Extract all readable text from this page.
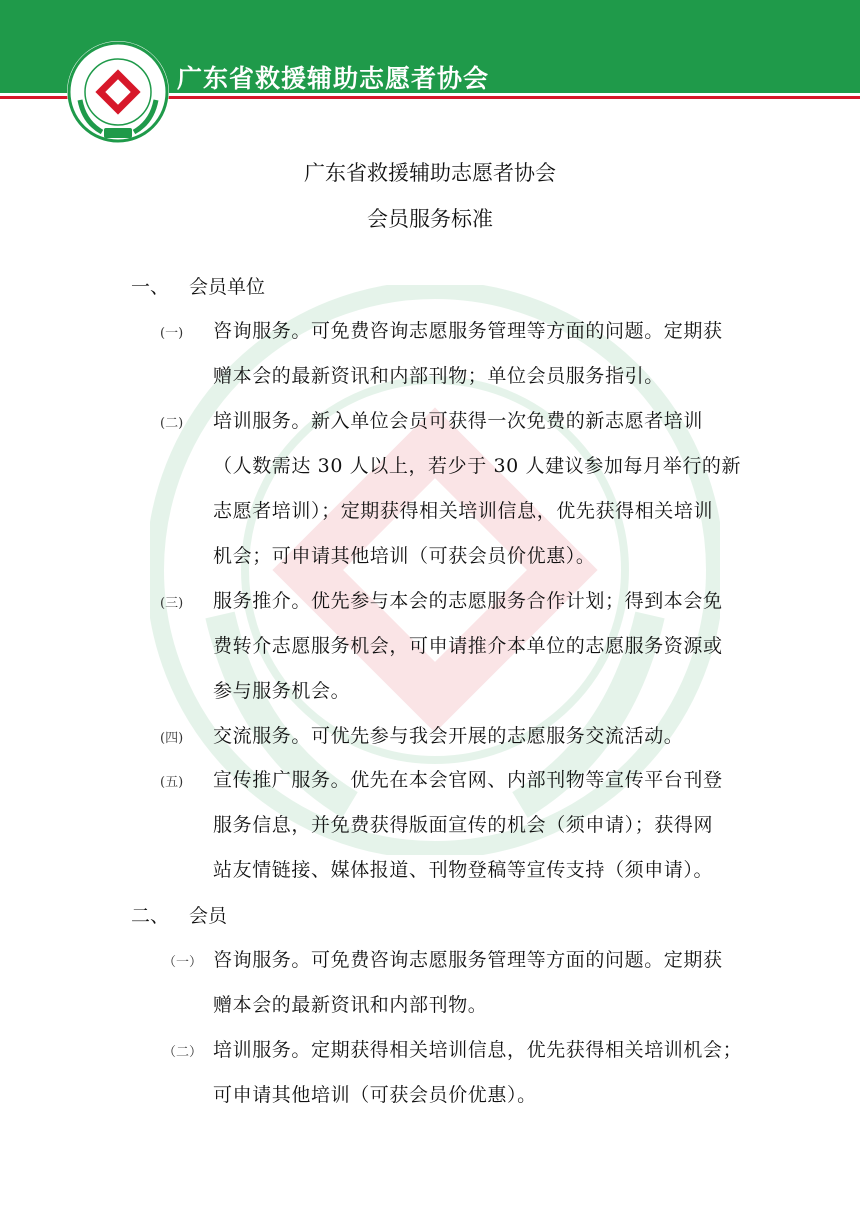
广东省救援辅助志愿者协会
广东省救援辅助志愿者协会
会员服务标准
一、 会员单位
(一) 咨询服务。可免费咨询志愿服务管理等方面的问题。定期获
赠本会的最新资讯和内部刊物；单位会员服务指引。
(二) 培训服务。新入单位会员可获得一次免费的新志愿者培训
（人数需达 30 人以上，若少于 30 人建议参加每月举行的新
志愿者培训）；定期获得相关培训信息，优先获得相关培训
机会；可申请其他培训（可获会员价优惠）。
(三) 服务推介。优先参与本会的志愿服务合作计划；得到本会免
费转介志愿服务机会，可申请推介本单位的志愿服务资源或
参与服务机会。
(四) 交流服务。可优先参与我会开展的志愿服务交流活动。
(五) 宣传推广服务。优先在本会官网、内部刊物等宣传平台刊登
服务信息，并免费获得版面宣传的机会（须申请）；获得网
站友情链接、媒体报道、刊物登稿等宣传支持（须申请）。
二、 会员
（一） 咨询服务。可免费咨询志愿服务管理等方面的问题。定期获
赠本会的最新资讯和内部刊物。
（二） 培训服务。定期获得相关培训信息，优先获得相关培训机会；
可申请其他培训（可获会员价优惠）。
